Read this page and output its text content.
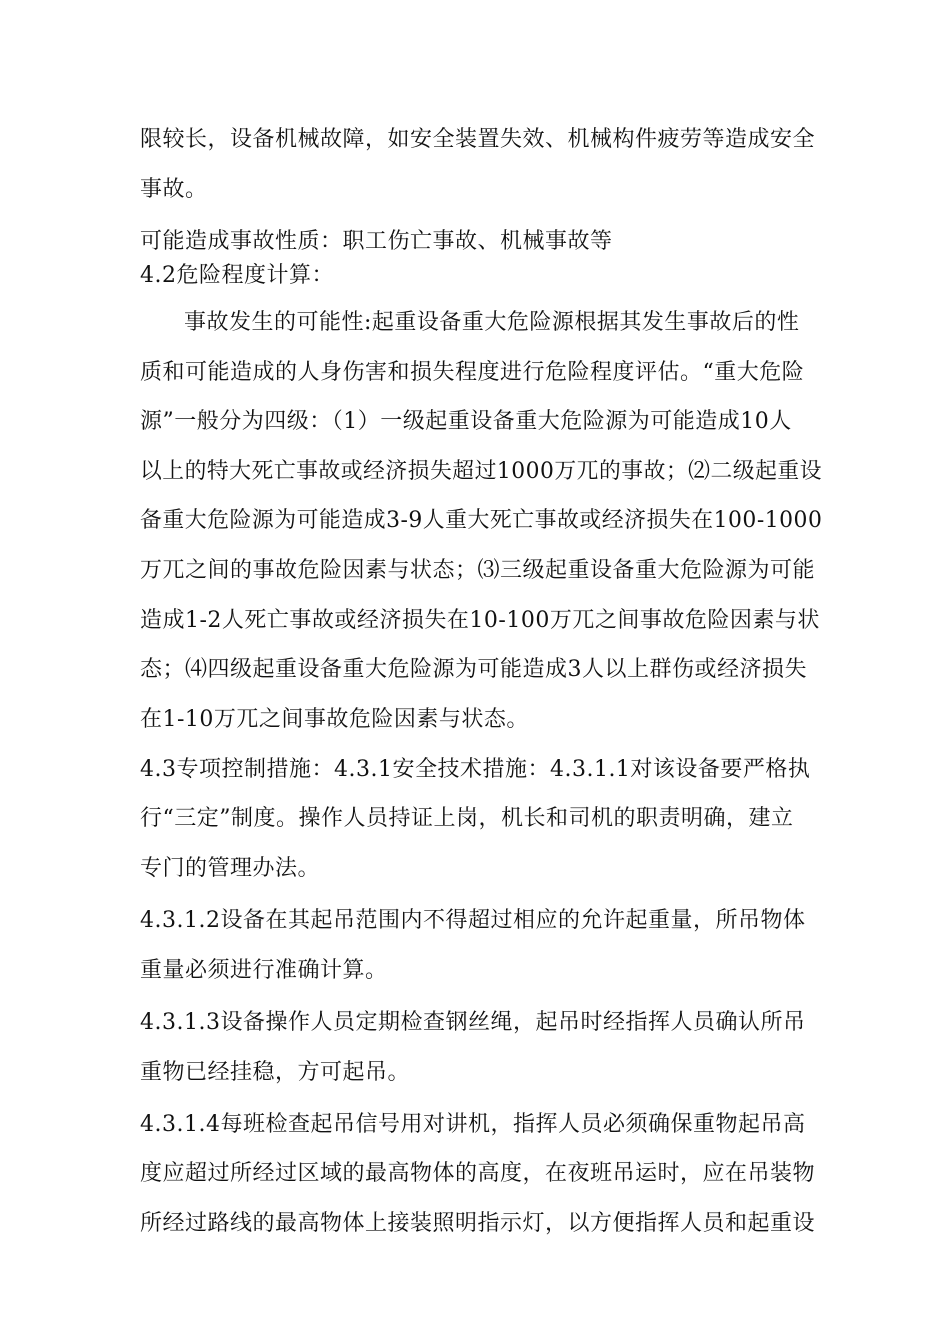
限较长，设备机械故障，如安全装置失效、机械构件疲劳等造成安全
事故。
可能造成事故性质：职工伤亡事故、机械事故等
4.2危险程度计算：
事故发生的可能性:起重设备重大危险源根据其发生事故后的性
质和可能造成的人身伤害和损失程度进行危险程度评估。“重大危险
源”一般分为四级：（1）一级起重设备重大危险源为可能造成10人
以上的特大死亡事故或经济损失超过1000万兀的事故；⑵二级起重设
备重大危险源为可能造成3-9人重大死亡事故或经济损失在100-1000
万兀之间的事故危险因素与状态；⑶三级起重设备重大危险源为可能
造成1-2人死亡事故或经济损失在10-100万兀之间事故危险因素与状
态；⑷四级起重设备重大危险源为可能造成3人以上群伤或经济损失
在1-10万兀之间事故危险因素与状态。
4.3专项控制措施：4.3.1安全技术措施：4.3.1.1对该设备要严格执
行“三定”制度。操作人员持证上岗，机长和司机的职责明确，建立
专门的管理办法。
4.3.1.2设备在其起吊范围内不得超过相应的允许起重量，所吊物体
重量必须进行准确计算。
4.3.1.3设备操作人员定期检查钢丝绳，起吊时经指挥人员确认所吊
重物已经挂稳，方可起吊。
4.3.1.4每班检查起吊信号用对讲机，指挥人员必须确保重物起吊高
度应超过所经过区域的最高物体的高度，在夜班吊运时，应在吊装物
所经过路线的最高物体上接装照明指示灯，以方便指挥人员和起重设
